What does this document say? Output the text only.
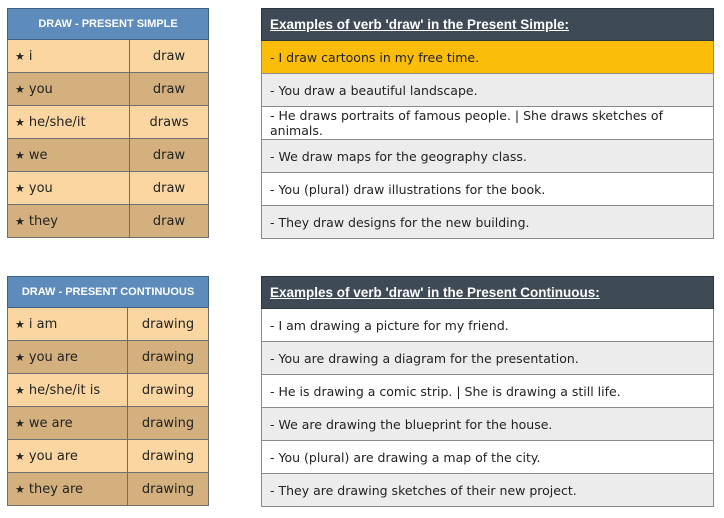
DRAW - PRESENT SIMPLE	
★ i	draw
★ you	draw
★ he/she/it	draws
★ we	draw
★ you	draw
★ they	draw
Examples of verb 'draw' in the Present Simple:
- I draw cartoons in my free time.
- You draw a beautiful landscape.
- He draws portraits of famous people. | She draws sketches of animals.
- We draw maps for the geography class.
- You (plural) draw illustrations for the book.
- They draw designs for the new building.
DRAW - PRESENT CONTINUOUS	
★ i am	drawing
★ you are	drawing
★ he/she/it is	drawing
★ we are	drawing
★ you are	drawing
★ they are	drawing
Examples of verb 'draw' in the Present Continuous:
- I am drawing a picture for my friend.
- You are drawing a diagram for the presentation.
- He is drawing a comic strip. | She is drawing a still life.
- We are drawing the blueprint for the house.
- You (plural) are drawing a map of the city.
- They are drawing sketches of their new project.
